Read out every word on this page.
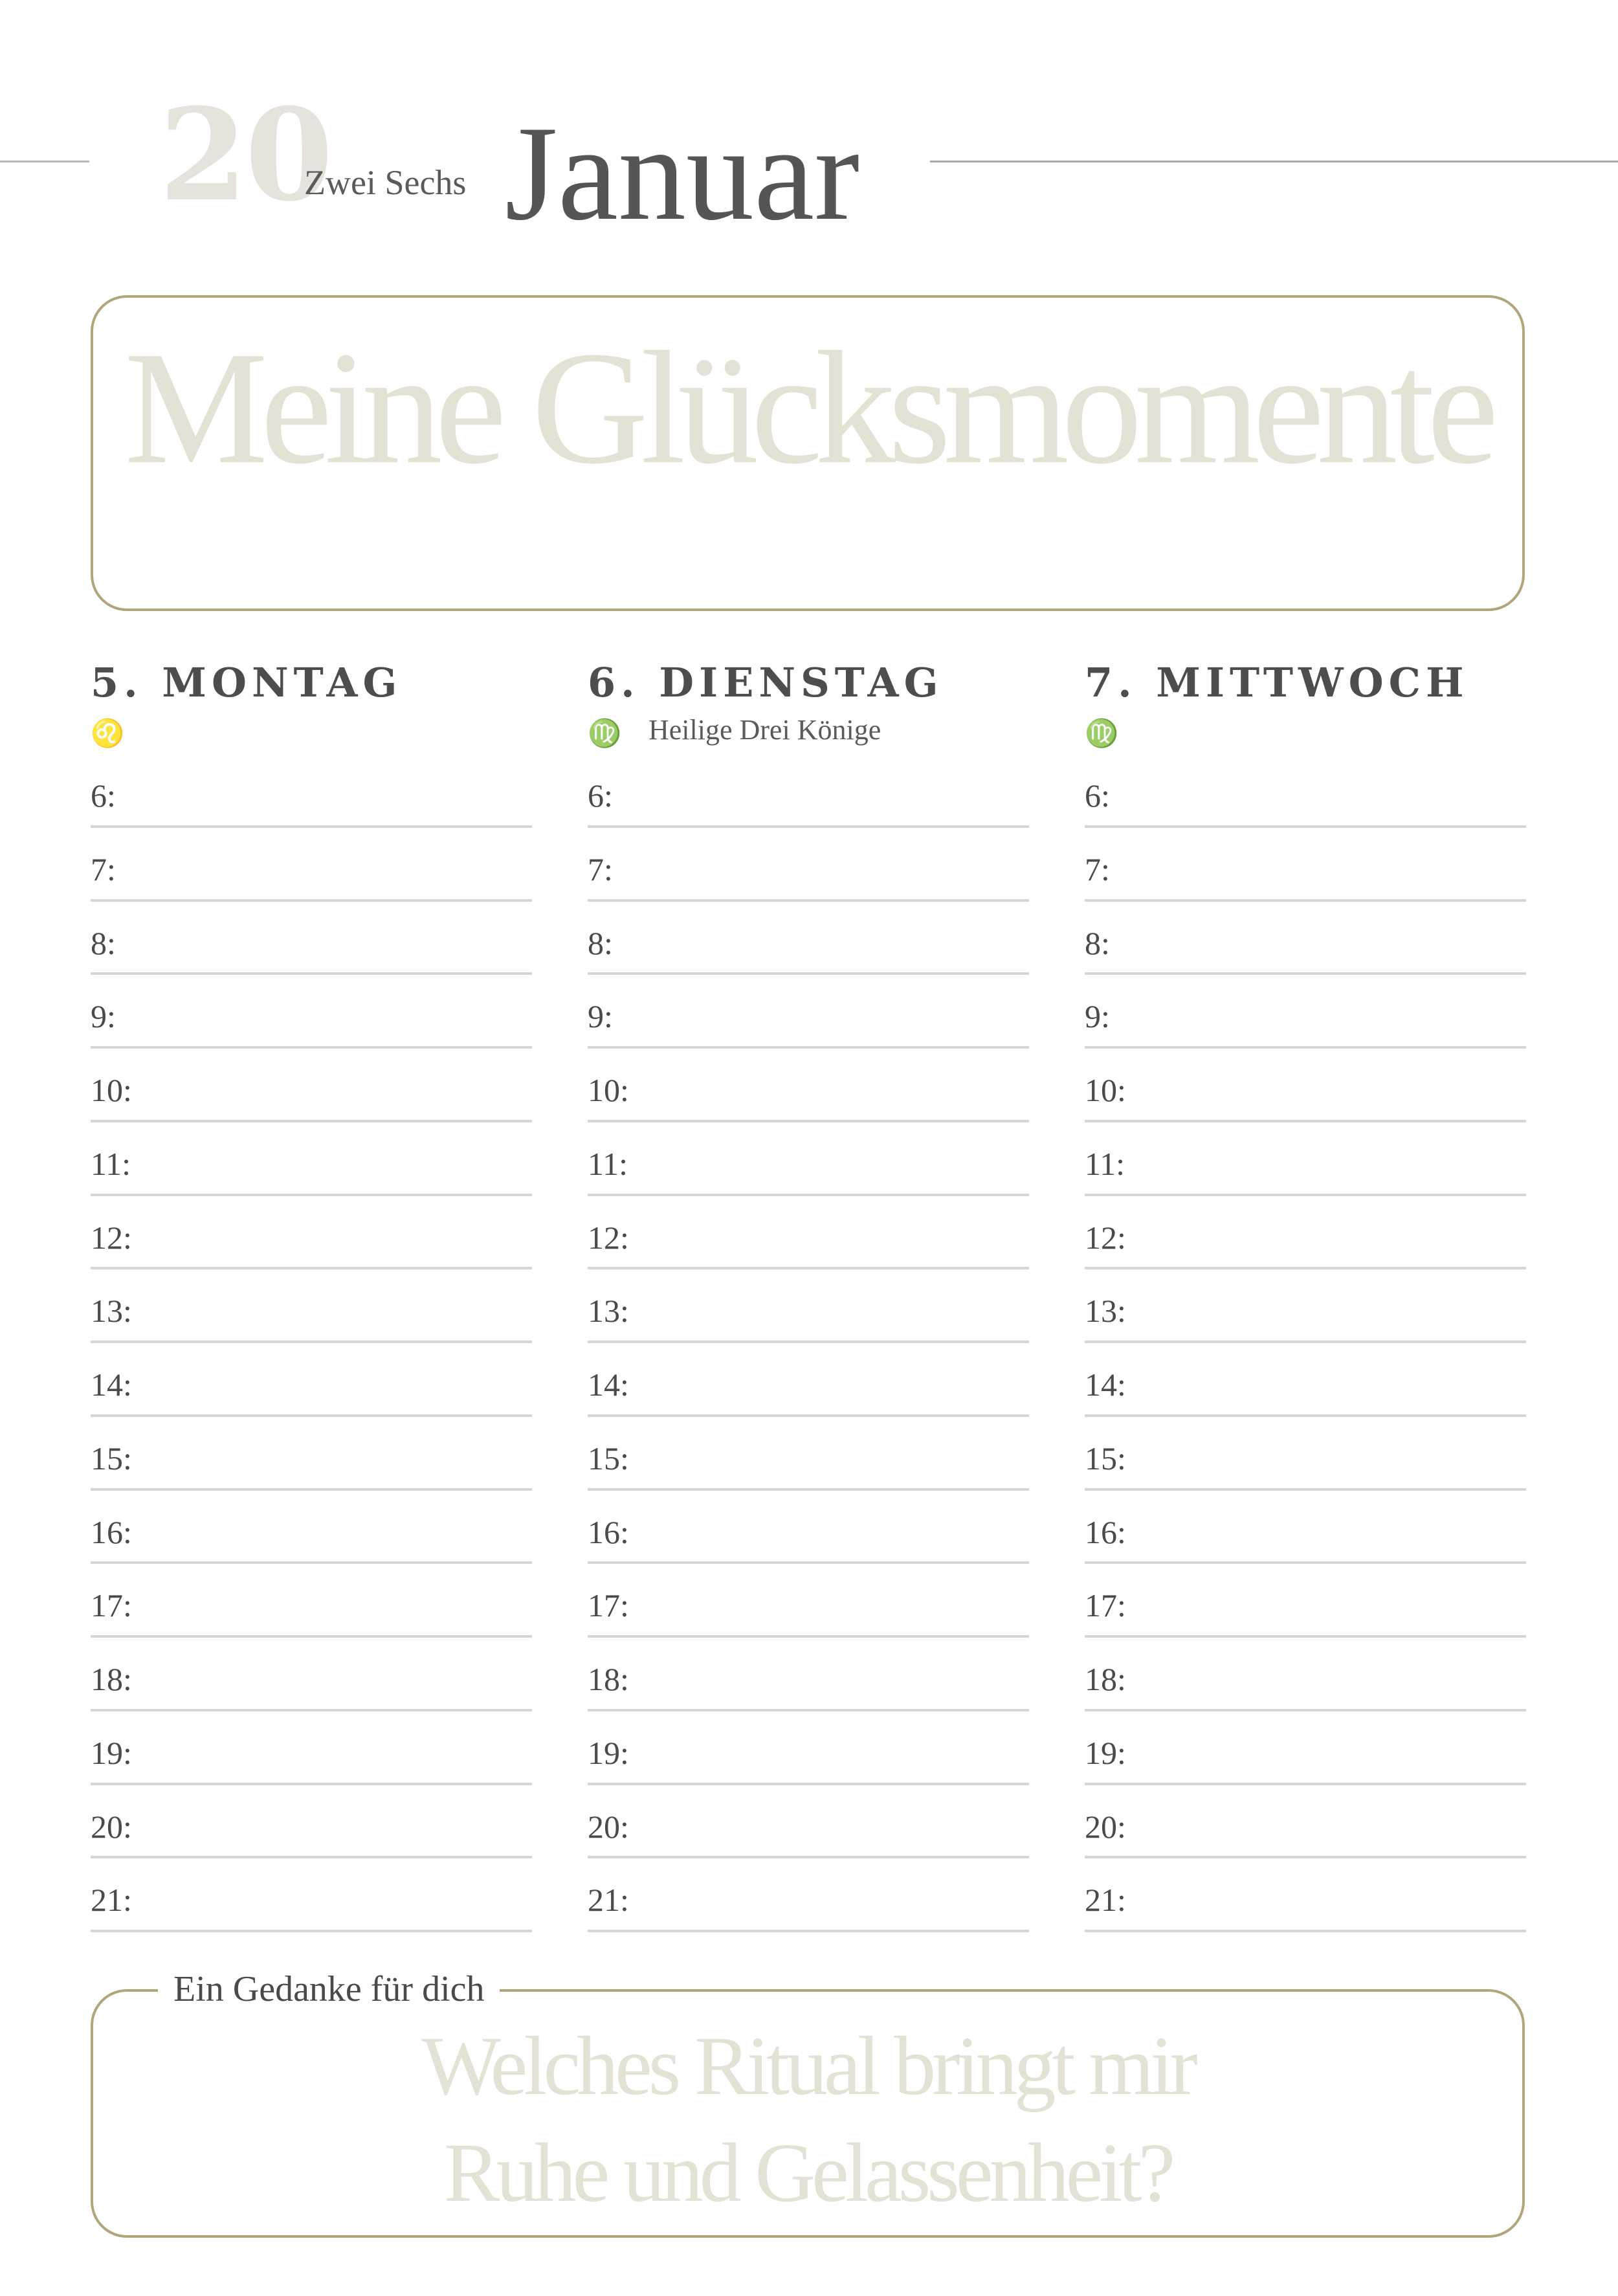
20
Zwei Sechs Januar
Meine Glücksmomente
5. MONTAG
♌
6:
7:
8:
9:
10:
11:
12:
13:
14:
15:
16:
17:
18:
19:
20:
21:
6. DIENSTAG
♍ Heilige Drei Könige
6:
7:
8:
9:
10:
11:
12:
13:
14:
15:
16:
17:
18:
19:
20:
21:
7. MITTWOCH
♍
6:
7:
8:
9:
10:
11:
12:
13:
14:
15:
16:
17:
18:
19:
20:
21:
Ein Gedanke für dich
Welches Ritual bringt mir
Ruhe und Gelassenheit?
